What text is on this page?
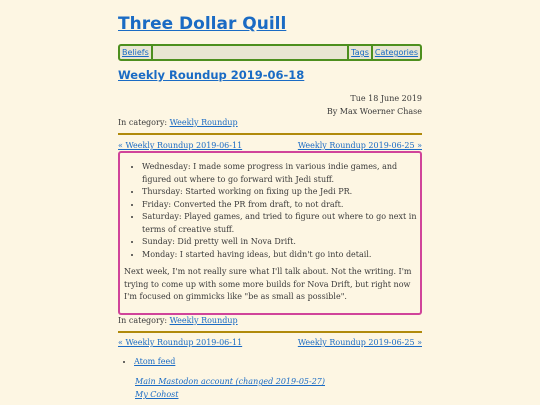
Three Dollar Quill
Beliefs	Tags Categories
Weekly Roundup 2019-06-18
Tue 18 June 2019
By Max Woerner Chase
In category: Weekly Roundup
« Weekly Roundup 2019-06-11	Weekly Roundup 2019-06-25 »
• Wednesday: I made some progress in various indie games, and figured out where to go forward with Jedi stuff.
• Thursday: Started working on fixing up the Jedi PR.
• Friday: Converted the PR from draft, to not draft.
• Saturday: Played games, and tried to figure out where to go next in terms of creative stuff.
• Sunday: Did pretty well in Nova Drift.
• Monday: I started having ideas, but didn't go into detail.

Next week, I'm not really sure what I'll talk about. Not the writing. I'm trying to come up with some more builds for Nova Drift, but right now I'm focused on gimmicks like "be as small as possible".

In category: Weekly Roundup
« Weekly Roundup 2019-06-11	Weekly Roundup 2019-06-25 »
• Atom feed
Main Mastodon account (changed 2019-05-27)
My Cohost
